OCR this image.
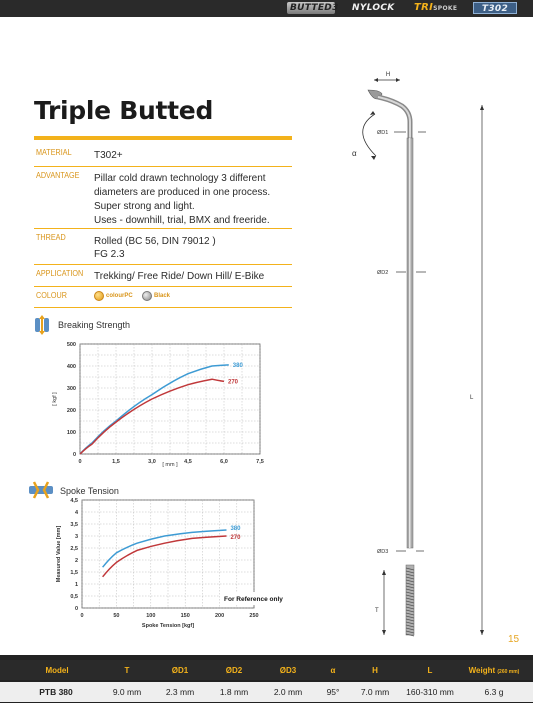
BUTTED3 NYLOCK	TRISPOKE	T302
Triple Butted
MATERIAL T302+
ADVANTAGE Pillar cold drawn technology 3 different
diameters are produced in one process.
Super strong and light.
Uses - downhill, trial, BMX and freeride.
THREAD	Rolled (BC 56, DIN 79012 )
FG 2.3
APPLICATION Trekking/ Free Ride/ Down Hill/ E-Bike
COLOUR	colourPC	Black
Breaking Strength
0	1,5	3,0	4,5	6,0	7,5
0
100
200
300
400
500
[ mm ]
[ kgf ]
380
270
Spoke Tension
0	50	100	150	200	250
0
0,5
1
1,5
2
2,5
3
3,5
4
4,5
Spoke Tension [kgf]
Measured Value [mm]	380
270
For Reference only
H
α
ØD1
ØD2
L
ØD3
T
15
Model	T	ØD1	ØD2	ØD3	α	H	L	Weight (260 mm)
PTB 380	9.0 mm	2.3 mm	1.8 mm	2.0 mm	95°	7.0 mm	160-310 mm	6.3 g
